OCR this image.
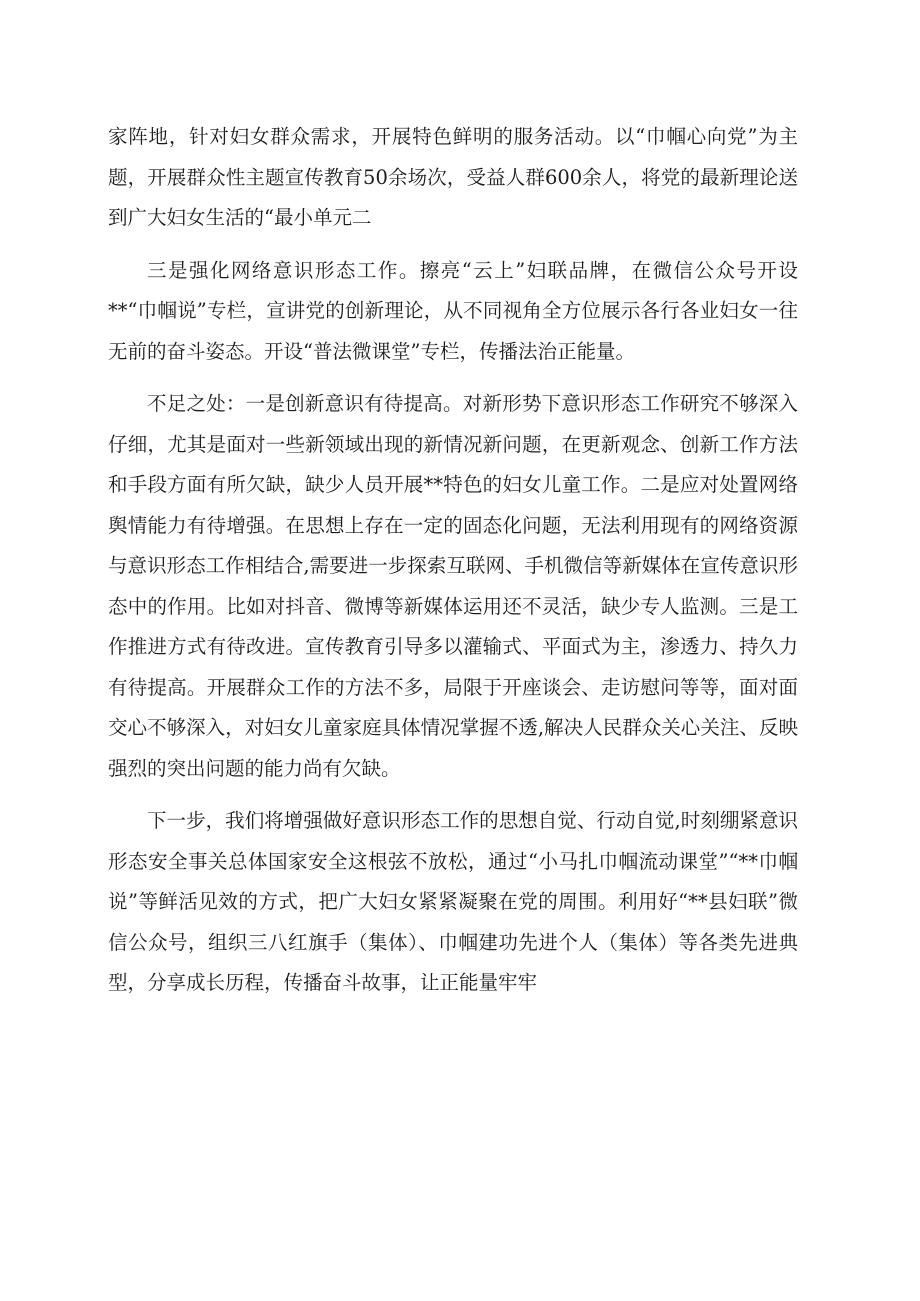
家阵地，针对妇女群众需求，开展特色鲜明的服务活动。以“巾帼心向党”为主题，开展群众性主题宣传教育50余场次，受益人群600余人，将党的最新理论送到广大妇女生活的“最小单元二

三是强化网络意识形态工作。擦亮“云上”妇联品牌，在微信公众号开设**“巾帼说”专栏，宣讲党的创新理论，从不同视角全方位展示各行各业妇女一往无前的奋斗姿态。开设“普法微课堂”专栏，传播法治正能量。

不足之处：一是创新意识有待提高。对新形势下意识形态工作研究不够深入仔细，尤其是面对一些新领域出现的新情况新问题，在更新观念、创新工作方法和手段方面有所欠缺，缺少人员开展**特色的妇女儿童工作。二是应对处置网络舆情能力有待增强。在思想上存在一定的固态化问题，无法利用现有的网络资源与意识形态工作相结合,需要进一步探索互联网、手机微信等新媒体在宣传意识形态中的作用。比如对抖音、微博等新媒体运用还不灵活，缺少专人监测。三是工作推进方式有待改进。宣传教育引导多以灌输式、平面式为主，渗透力、持久力有待提高。开展群众工作的方法不多，局限于开座谈会、走访慰问等等，面对面交心不够深入，对妇女儿童家庭具体情况掌握不透,解决人民群众关心关注、反映强烈的突出问题的能力尚有欠缺。

下一步，我们将增强做好意识形态工作的思想自觉、行动自觉,时刻绷紧意识形态安全事关总体国家安全这根弦不放松，通过“小马扎巾帼流动课堂”“**巾帼说”等鲜活见效的方式，把广大妇女紧紧凝聚在党的周围。利用好“**县妇联”微信公众号，组织三八红旗手（集体）、巾帼建功先进个人（集体）等各类先进典型，分享成长历程，传播奋斗故事，让正能量牢牢
